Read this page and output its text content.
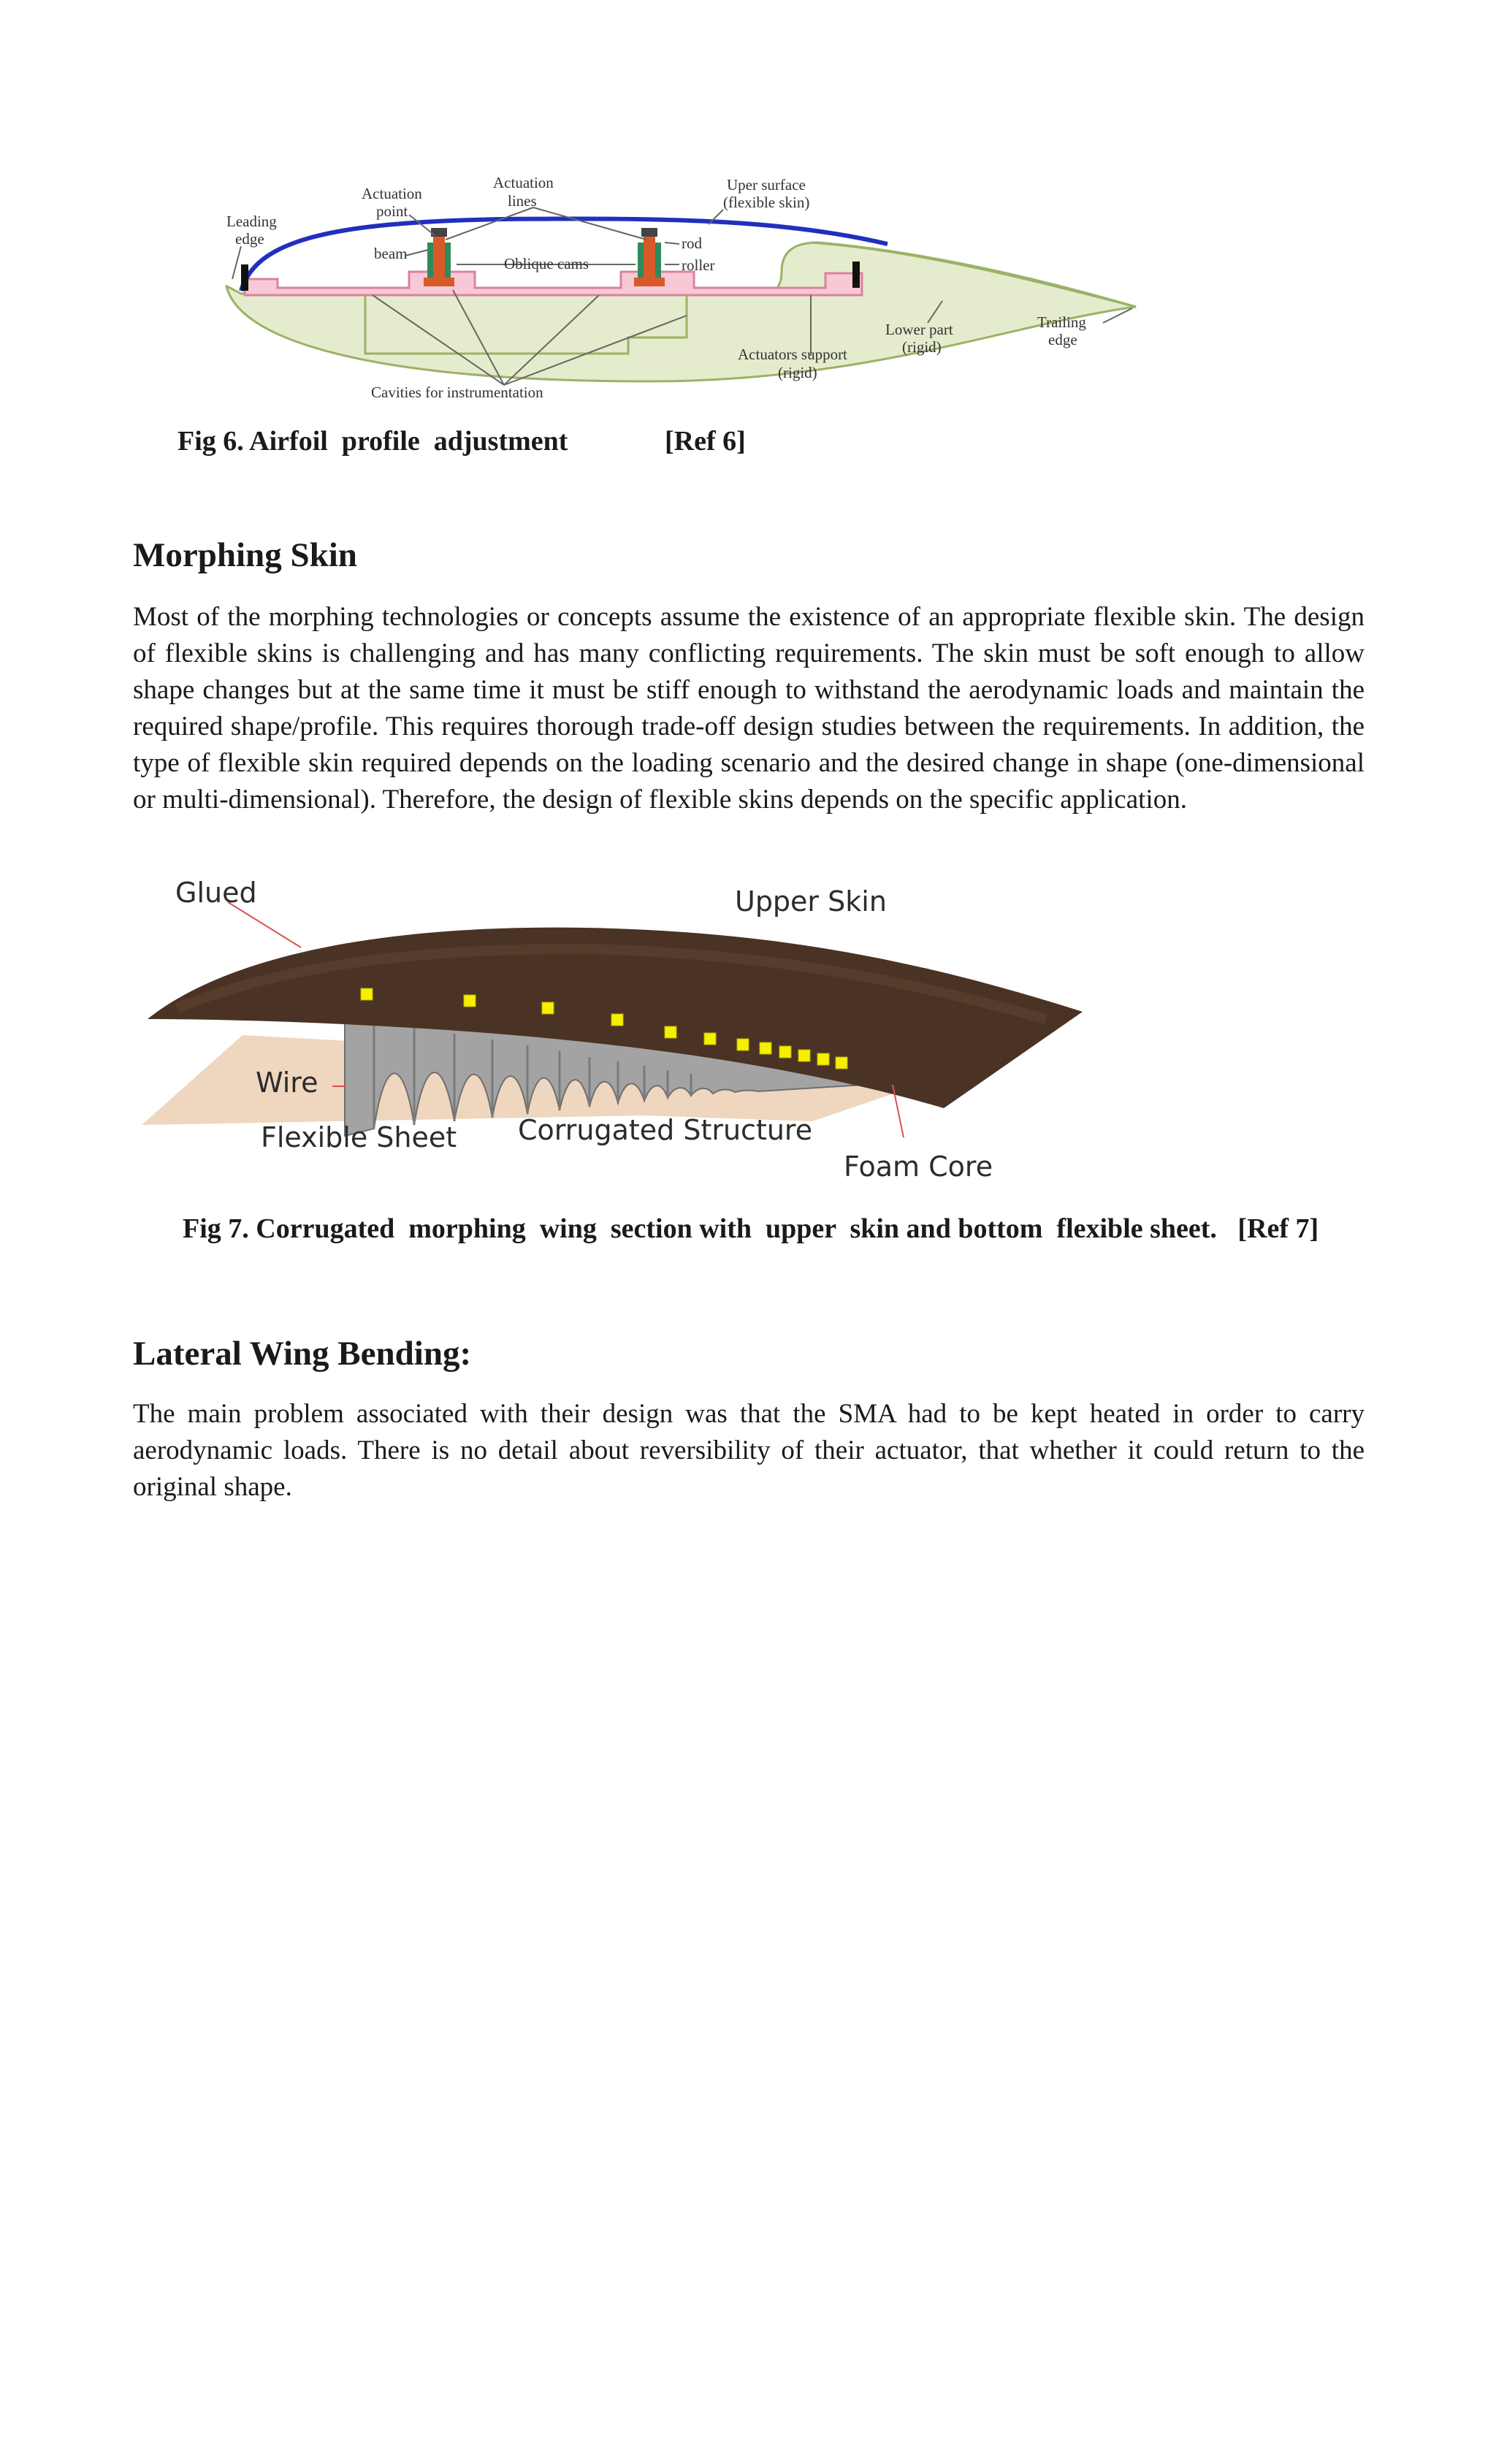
Leading
edge
Actuation
point
Actuation
lines
Uper surface
(flexible skin)
beam
Oblique cams
rod
roller
Lower part
(rigid)
Trailing
edge
Actuators support
(rigid)
Cavities for instrumentation
Fig 6. Airfoil  profile  adjustment	[Ref 6]
Morphing Skin

Most of the morphing technologies or concepts assume the existence of an appropriate flexible skin. The design of flexible skins is challenging and has many conflicting requirements. The skin must be soft enough to allow shape changes but at the same time it must be stiff enough to withstand the aerodynamic loads and maintain the required shape/profile. This requires thorough trade-off design studies between the requirements. In addition, the type of flexible skin required depends on the loading scenario and the desired change in shape (one-dimensional or multi-dimensional). Therefore, the design of flexible skins depends on the specific application.

Glued	Upper Skin
Wire
Flexible Sheet Corrugated Structure
Foam Core
Fig 7. Corrugated  morphing  wing  section with  upper  skin and bottom  flexible sheet.   [Ref 7]
Lateral Wing Bending:

The main problem associated with their design was that the SMA had to be kept heated in order to carry aerodynamic loads. There is no detail about reversibility of their actuator, that whether it could return to the original shape.
